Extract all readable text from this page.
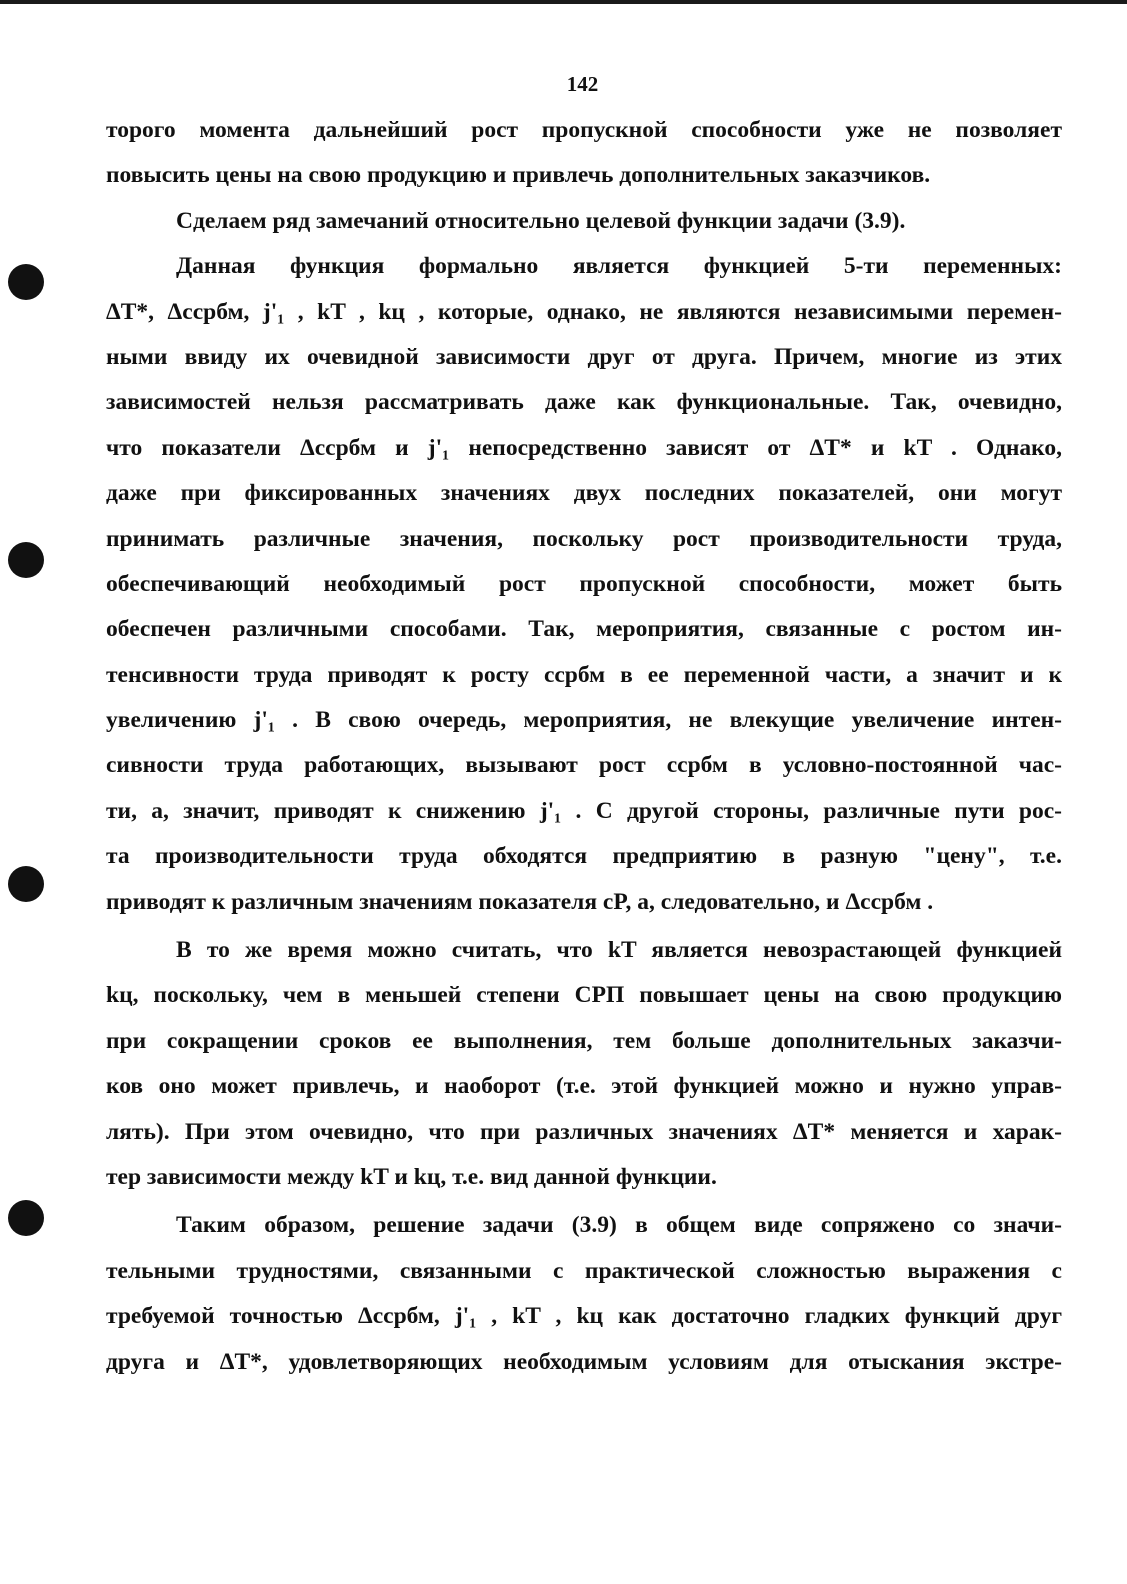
142
торого момента дальнейший рост пропускной способности уже не позволяет
повысить цены на свою продукцию и привлечь дополнительных заказчиков.
Сделаем ряд замечаний относительно целевой функции задачи (3.9).
Данная функция формально является функцией 5-ти переменных:
ΔT*, Δccpбм, j'₁ , kT , kц , которые, однако, не являются независимыми перемен-
ными ввиду их очевидной зависимости друг от друга. Причем, многие из этих
зависимостей нельзя рассматривать даже как функциональные. Так, очевидно,
что показатели Δccpбм и j'₁ непосредственно зависят от ΔT* и kT . Однако,
даже при фиксированных значениях двух последних показателей, они могут
принимать различные значения, поскольку рост производительности труда,
обеспечивающий необходимый рост пропускной способности, может быть
обеспечен различными способами. Так, мероприятия, связанные с ростом ин-
тенсивности труда приводят к росту ccpбм в ее переменной части, а значит и к
увеличению j'₁ . В свою очередь, мероприятия, не влекущие увеличение интен-
сивности труда работающих, вызывают рост ccpбм в условно-постоянной час-
ти, а, значит, приводят к снижению j'₁ . С другой стороны, различные пути рос-
та производительности труда обходятся предприятию в разную "цену", т.е.
приводят к различным значениям показателя cP, а, следовательно, и Δccpбм .
В то же время можно считать, что kT является невозрастающей функцией
kц, поскольку, чем в меньшей степени СРП повышает цены на свою продукцию
при сокращении сроков ее выполнения, тем больше дополнительных заказчи-
ков оно может привлечь, и наоборот (т.е. этой функцией можно и нужно управ-
лять). При этом очевидно, что при различных значениях ΔT* меняется и харак-
тер зависимости между kT и kц, т.е. вид данной функции.
Таким образом, решение задачи (3.9) в общем виде сопряжено со значи-
тельными трудностями, связанными с практической сложностью выражения с
требуемой точностью Δccpбм, j'₁ , kT , kц как достаточно гладких функций друг
друга и ΔT*, удовлетворяющих необходимым условиям для отыскания экстре-
